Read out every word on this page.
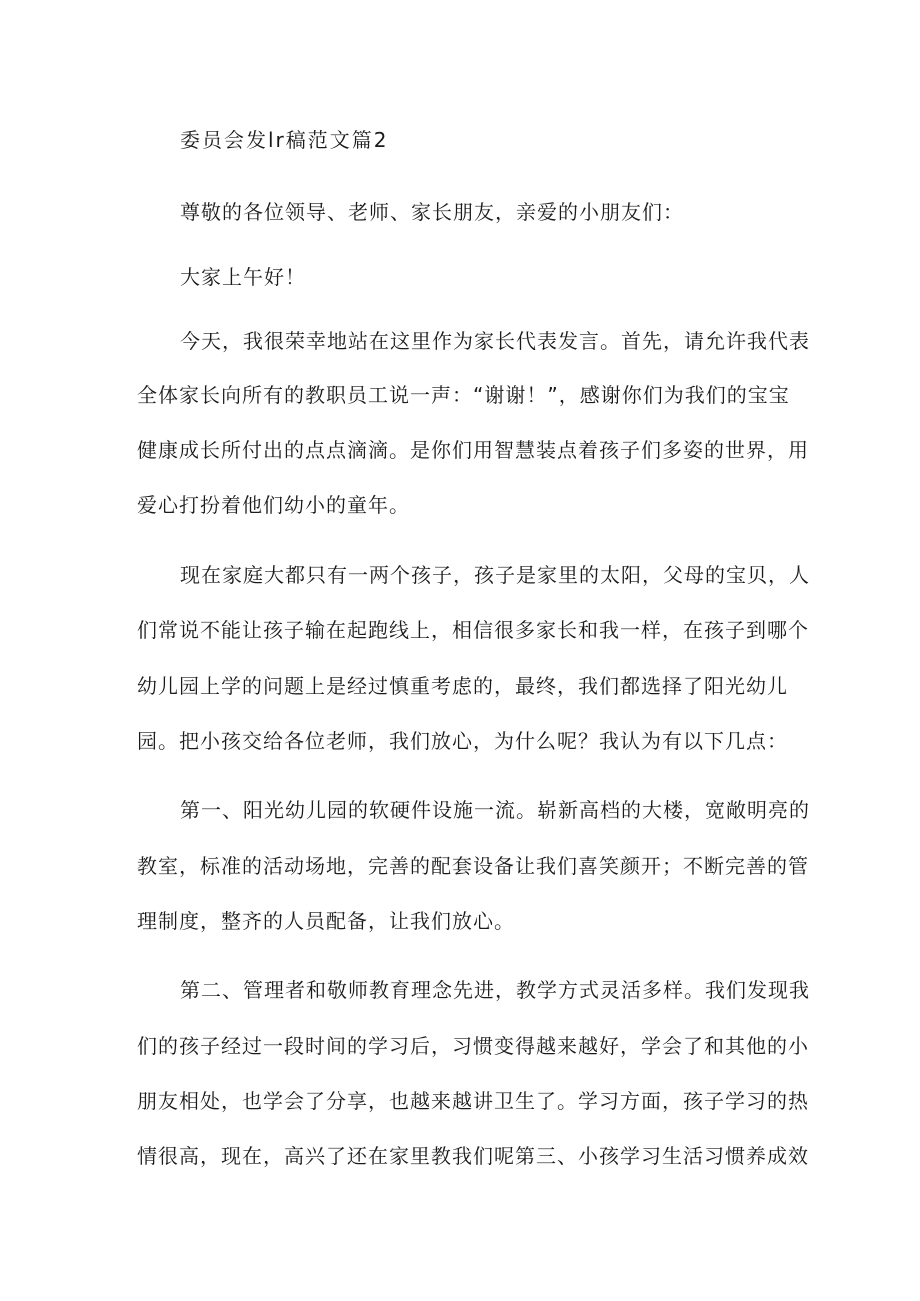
委员会发lr稿范文篇2
尊敬的各位领导、老师、家长朋友，亲爱的小朋友们：
大家上午好！
今天，我很荣幸地站在这里作为家长代表发言。首先，请允许我代表
全体家长向所有的教职员工说一声：“谢谢！”，感谢你们为我们的宝宝
健康成长所付出的点点滴滴。是你们用智慧装点着孩子们多姿的世界，用
爱心打扮着他们幼小的童年。
现在家庭大都只有一两个孩子，孩子是家里的太阳，父母的宝贝，人
们常说不能让孩子输在起跑线上，相信很多家长和我一样，在孩子到哪个
幼儿园上学的问题上是经过慎重考虑的，最终，我们都选择了阳光幼儿
园。把小孩交给各位老师，我们放心，为什么呢？我认为有以下几点：
第一、阳光幼儿园的软硬件设施一流。崭新高档的大楼，宽敞明亮的
教室，标准的活动场地，完善的配套设备让我们喜笑颜开；不断完善的管
理制度，整齐的人员配备，让我们放心。
第二、管理者和敬师教育理念先进，教学方式灵活多样。我们发现我
们的孩子经过一段时间的学习后，习惯变得越来越好，学会了和其他的小
朋友相处，也学会了分享，也越来越讲卫生了。学习方面，孩子学习的热
情很高，现在，高兴了还在家里教我们呢第三、小孩学习生活习惯养成效
